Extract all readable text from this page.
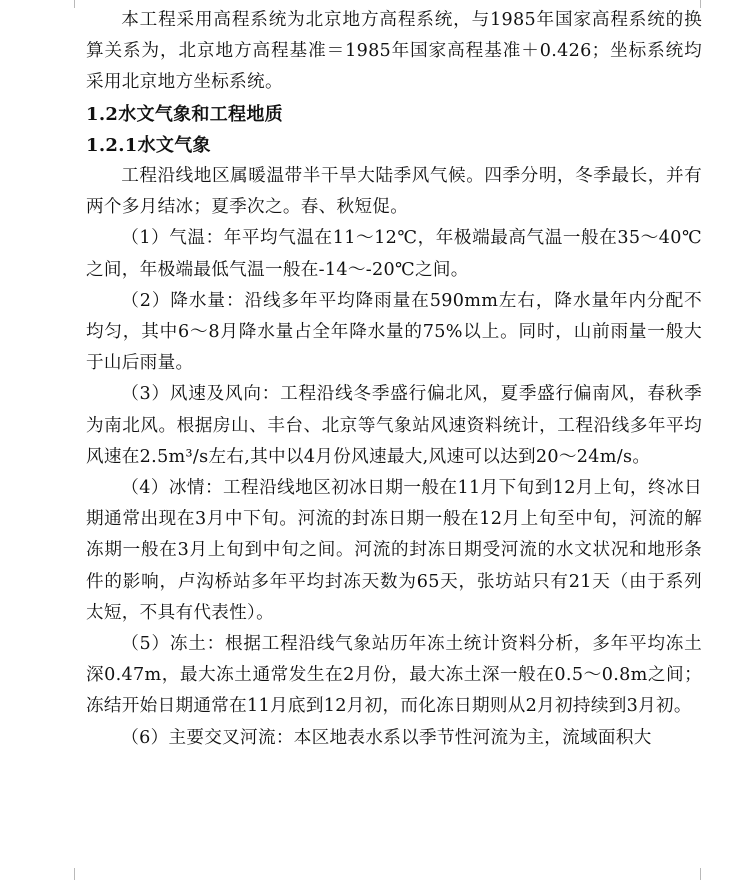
本工程采用高程系统为北京地方高程系统，与1985年国家高程系统的换算关系为，北京地方高程基准＝1985年国家高程基准＋0.426；坐标系统均采用北京地方坐标系统。

1.2水文气象和工程地质

1.2.1水文气象

工程沿线地区属暖温带半干旱大陆季风气候。四季分明，冬季最长，并有两个多月结冰；夏季次之。春、秋短促。

（1）气温：年平均气温在11～12℃，年极端最高气温一般在35～40℃之间，年极端最低气温一般在-14～-20℃之间。

（2）降水量：沿线多年平均降雨量在590mm左右，降水量年内分配不均匀，其中6～8月降水量占全年降水量的75%以上。同时，山前雨量一般大于山后雨量。

（3）风速及风向：工程沿线冬季盛行偏北风，夏季盛行偏南风，春秋季为南北风。根据房山、丰台、北京等气象站风速资料统计，工程沿线多年平均风速在2.5m³/s左右,其中以4月份风速最大,风速可以达到20～24m/s。

（4）冰情：工程沿线地区初冰日期一般在11月下旬到12月上旬，终冰日期通常出现在3月中下旬。河流的封冻日期一般在12月上旬至中旬，河流的解冻期一般在3月上旬到中旬之间。河流的封冻日期受河流的水文状况和地形条件的影响，卢沟桥站多年平均封冻天数为65天，张坊站只有21天（由于系列太短，不具有代表性）。

（5）冻土：根据工程沿线气象站历年冻土统计资料分析，多年平均冻土深0.47m，最大冻土通常发生在2月份，最大冻土深一般在0.5～0.8m之间；冻结开始日期通常在11月底到12月初，而化冻日期则从2月初持续到3月初。

（6）主要交叉河流：本区地表水系以季节性河流为主，流域面积大
